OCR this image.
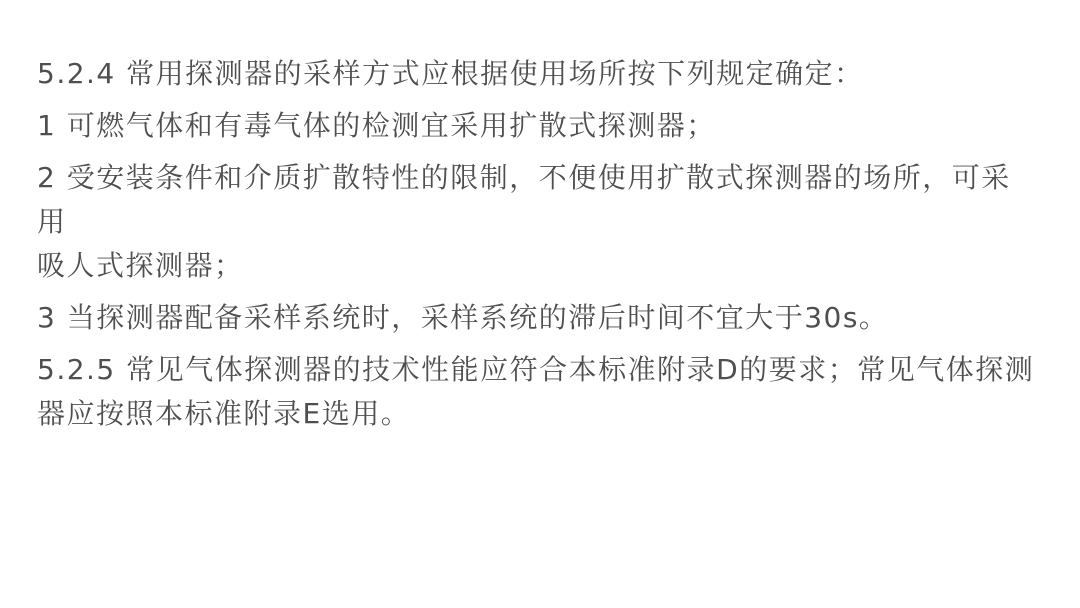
5.2.4 常用探测器的采样方式应根据使用场所按下列规定确定：

1 可燃气体和有毒气体的检测宜采用扩散式探测器；

2 受安装条件和介质扩散特性的限制，不便使用扩散式探测器的场所，可采用
吸人式探测器；

3 当探测器配备采样系统时，采样系统的滞后时间不宜大于30s。

5.2.5 常见气体探测器的技术性能应符合本标准附录D的要求；常见气体探测
器应按照本标准附录E选用。
